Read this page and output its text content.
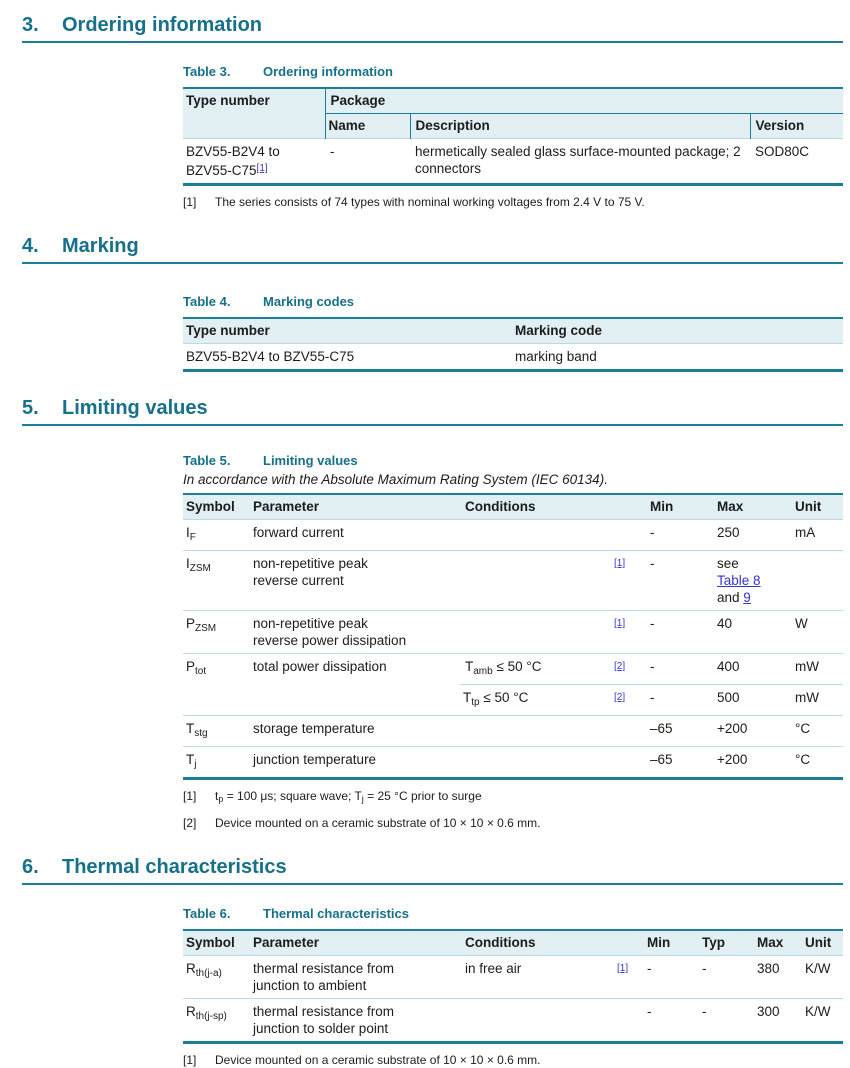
3.	Ordering information
Table 3.	Ordering information
Type number	Package		
	Name	Description	Version
BZV55-B2V4 to
BZV55-C75[1]	-	hermetically sealed glass surface-mounted package; 2 connectors	SOD80C
[1]	The series consists of 74 types with nominal working voltages from 2.4 V to 75 V.
4.	Marking
Table 4.	Marking codes
Type number	Marking code
BZV55-B2V4 to BZV55-C75	marking band
5.	Limiting values
Table 5.	Limiting values
In accordance with the Absolute Maximum Rating System (IEC 60134).
Symbol	Parameter	Conditions		Min	Max	Unit
$I_F$	forward current			-	250	mA
$I_{ZSM}$	non-repetitive peak
reverse current		[1]	-	see
Table 8
and 9	
$P_{ZSM}$	non-repetitive peak
reverse power dissipation		[1]	-	40	W
$P_{tot}$	total power dissipation	$T_{amb} \le 50$ °C	[2]	-	400	mW
		$T_{tp} \le 50$ °C	[2]	-	500	mW
$T_{stg}$	storage temperature			–65	+200	°C
$T_j$	junction temperature			–65	+200	°C
[1]	tp = 100 μs; square wave; Tj = 25 °C prior to surge
[2]	Device mounted on a ceramic substrate of 10 × 10 × 0.6 mm.
6.	Thermal characteristics
Table 6.	Thermal characteristics
Symbol	Parameter	Conditions		Min	Typ	Max	Unit
$R_{th(j-a)}$	thermal resistance from
junction to ambient	in free air	[1]	-	-	380	K/W
$R_{th(j-sp)}$	thermal resistance from
junction to solder point			-	-	300	K/W
[1]	Device mounted on a ceramic substrate of 10 × 10 × 0.6 mm.
